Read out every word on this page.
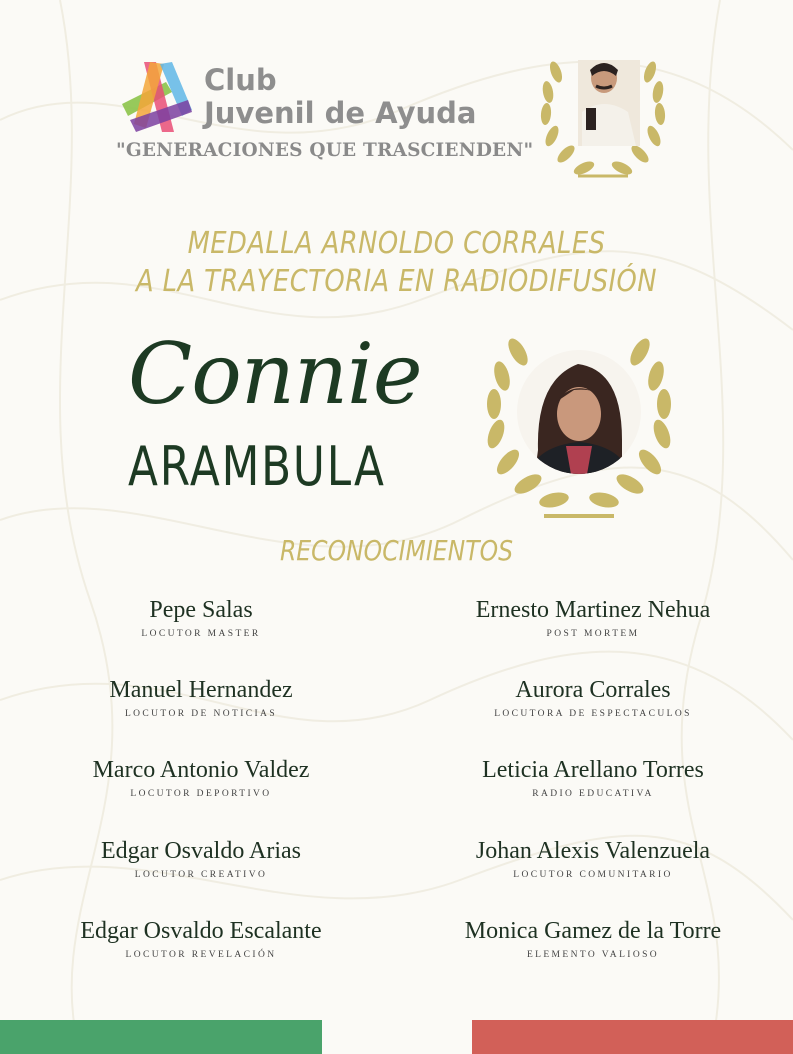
Club
Juvenil de Ayuda
"GENERACIONES QUE TRASCIENDEN"
MEDALLA ARNOLDO CORRALES
A LA TRAYECTORIA EN RADIODIFUSIÓN
Connie
ARAMBULA
RECONOCIMIENTOS
Pepe Salas
LOCUTOR MASTER
Manuel Hernandez
LOCUTOR DE NOTICIAS
Marco Antonio Valdez
LOCUTOR DEPORTIVO
Edgar Osvaldo Arias
LOCUTOR CREATIVO
Edgar Osvaldo Escalante
LOCUTOR REVELACIÓN
Ernesto Martinez Nehua
POST MORTEM
Aurora Corrales
LOCUTORA DE ESPECTACULOS
Leticia Arellano Torres
RADIO EDUCATIVA
Johan Alexis Valenzuela
LOCUTOR COMUNITARIO
Monica Gamez de la Torre
ELEMENTO VALIOSO
